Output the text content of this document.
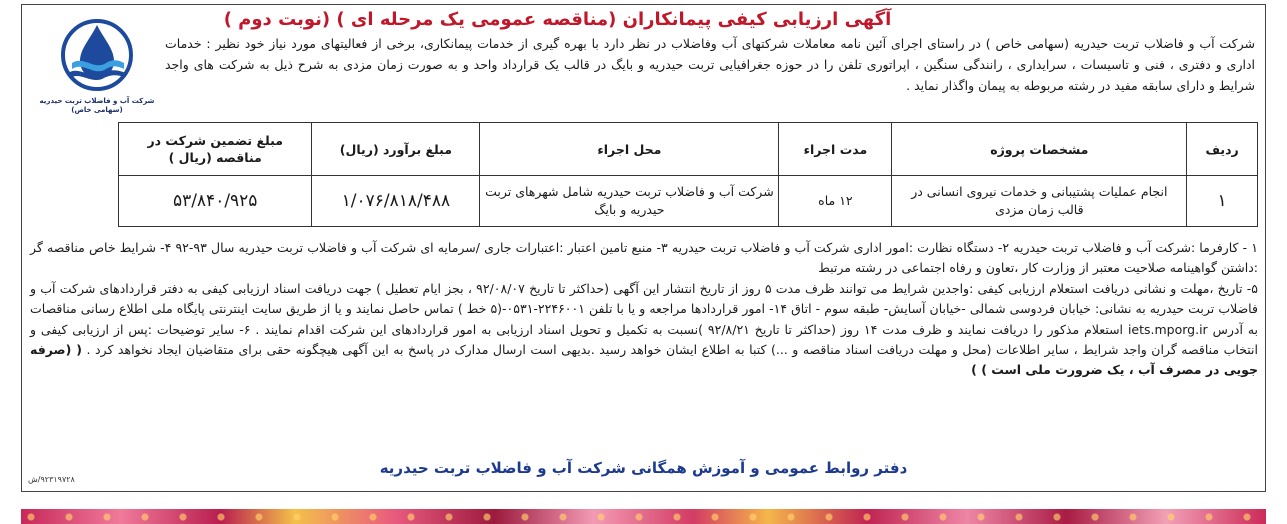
شرکت آب و فاضلاب تربت حیدریه
(سهامی خاص)
آگهی ارزیابی کیفی پیمانکاران (مناقصه عمومی یک مرحله ای ) (نوبت دوم )
شرکت آب و فاضلاب تربت حیدریه (سهامی خاص ) در راستای اجرای آئین نامه معاملات شرکتهای آب وفاضلاب در نظر دارد با بهره گیری از خدمات پیمانکاری، برخی از فعالیتهای مورد نیاز خود نظیر : خدمات اداری و دفتری ، فنی و تاسیسات ، سرایداری ، رانندگی سنگین ، اپراتوری تلفن را در حوزه جغرافیایی تربت حیدریه و بایگ در قالب یک قرارداد واحد و به صورت زمان مزدی به شرح ذیل به شرکت های واجد شرایط و دارای سابقه مفید در رشته مربوطه به پیمان واگذار نماید .
ردیف	مشخصات پروژه	مدت اجراء	محل اجراء	مبلغ برآورد (ریال)	مبلغ تضمین شرکت در مناقصه (ریال )
۱	انجام عملیات پشتیبانی و خدمات نیروی انسانی در قالب زمان مزدی	۱۲ ماه	شرکت آب و فاضلاب تربت حیدریه شامل شهرهای تربت حیدریه و بایگ	۱/۰۷۶/۸۱۸/۴۸۸	۵۳/۸۴۰/۹۲۵

۱ - کارفرما :شرکت آب و فاضلاب تربت حیدریه ۲- دستگاه نظارت :امور اداری شرکت آب و فاضلاب تربت حیدریه ۳- منبع تامین اعتبار :اعتبارات جاری /سرمایه ای شرکت آب و فاضلاب تربت حیدریه سال ۹۳-۹۲ ۴- شرایط خاص مناقصه گر :داشتن گواهینامه صلاحیت معتبر از وزارت کار ،تعاون و رفاه اجتماعی در رشته مرتبط

۵- تاریخ ،مهلت و نشانی دریافت استعلام ارزیابی کیفی :واجدین شرایط می توانند ظرف مدت ۵ روز از تاریخ انتشار این آگهی (حداکثر تا تاریخ ۹۲/۰۸/۰۷ ، بجز ایام تعطیل ) جهت دریافت اسناد ارزیابی کیفی به دفتر قراردادهای شرکت آب و فاضلاب تربت حیدریه به نشانی: خیابان فردوسی شمالی -خیابان آسایش- طبقه سوم - اتاق ۱۴- امور قراردادها مراجعه و یا با تلفن ۲۲۴۶۰۰۱-۰۵۳۱-(۵ خط ) تماس حاصل نمایند و یا از طریق سایت اینترنتی پایگاه ملی اطلاع رسانی مناقصات به آدرس iets.mporg.ir استعلام مذکور را دریافت نمایند و ظرف مدت ۱۴ روز (حداکثر تا تاریخ ۹۲/۸/۲۱ )نسبت به تکمیل و تحویل اسناد ارزیابی به امور قراردادهای این شرکت اقدام نمایند . ۶- سایر توضیحات :پس از ارزیابی کیفی و انتخاب مناقصه گران واجد شرایط ، سایر اطلاعات (محل و مهلت دریافت اسناد مناقصه و ...) کتبا به اطلاع ایشان خواهد رسید .بدیهی است ارسال مدارک در پاسخ به این آگهی هیچگونه حقی برای متقاضیان ایجاد نخواهد کرد . ( (صرفه جویی در مصرف آب ، یک ضرورت ملی است ) )

دفتر روابط عمومی و آموزش همگانی شرکت آب و فاضلاب تربت حیدریه
۹۲۳۱۹۷۲۸/ش
